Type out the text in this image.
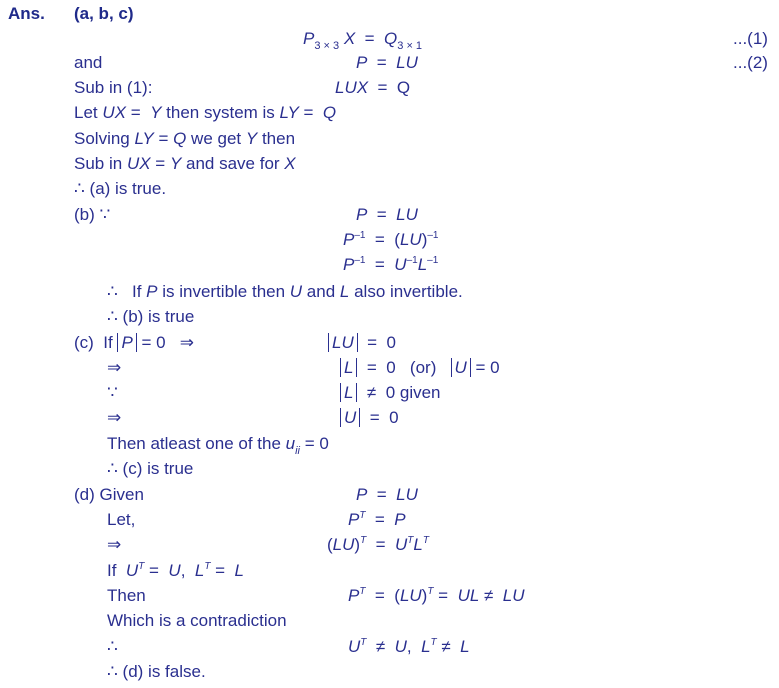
Ans. (a, b, c)
$P_{3 \times 3}$ $X = Q_{3 \times 1}$	...(1)
and	P  =  LU	...(2)
Sub in (1):	LUX  =  Q
Let UX =  Y then system is LY =  Q
Solving LY = Q we get Y then
Sub in UX = Y and save for X
∴ (a) is true.
(b) ∵	P  =  LU
$P^{-1} = (LU)^{-1}$
$P^{-1} = U^{-1}L^{-1}$
∴   If P is invertible then U and L also invertible.
∴ (b) is true
(c)  If P = 0   ⇒	LU  =  0
⇒	L  =  0   (or)   U = 0
∵	L  ≠  0 given
⇒	U  =  0
Then atleast one of the $u_{ii} = 0$
∴ (c) is true
(d) Given	P  =  LU
Let,	$P^T = P$
⇒	$(LU)^T = U^TL^T$
If  $U^T = U$,  $L^T = L$
Then	$P^T = (LU)^T$ =  UL ≠  LU
Which is a contradiction
∴	$U^T \ne U$,  $L^T \ne L$
∴ (d) is false.
